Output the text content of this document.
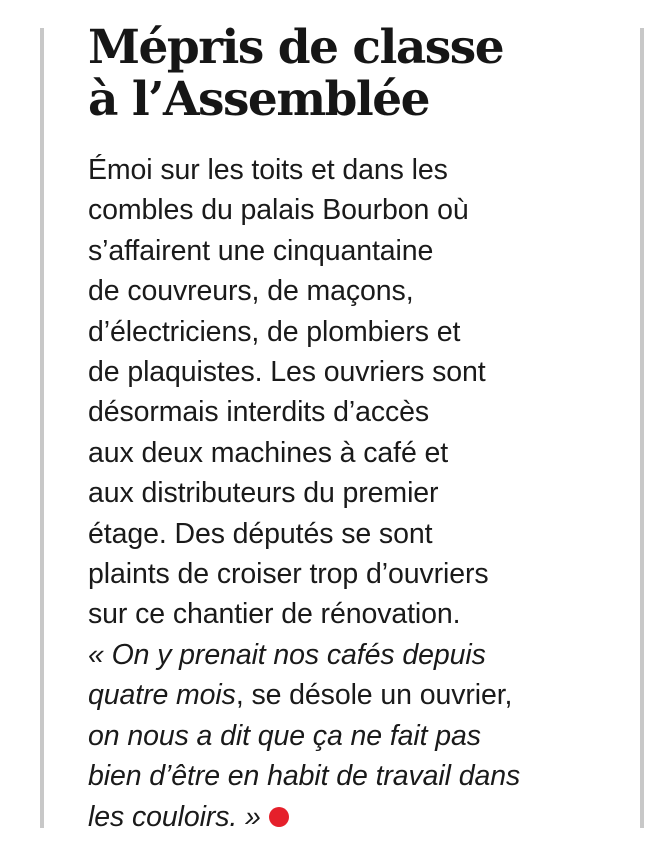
Mépris de classe
à l’Assemblée

Émoi sur les toits et dans les
combles du palais Bourbon où
s’affairent une cinquantaine
de couvreurs, de maçons,
d’électriciens, de plombiers et
de plaquistes. Les ouvriers sont
désormais interdits d’accès
aux deux machines à café et
aux distributeurs du premier
étage. Des députés se sont
plaints de croiser trop d’ouvriers
sur ce chantier de rénovation.
« On y prenait nos cafés depuis
quatre mois, se désole un ouvrier,
on nous a dit que ça ne fait pas
bien d’être en habit de travail dans
les couloirs. »
